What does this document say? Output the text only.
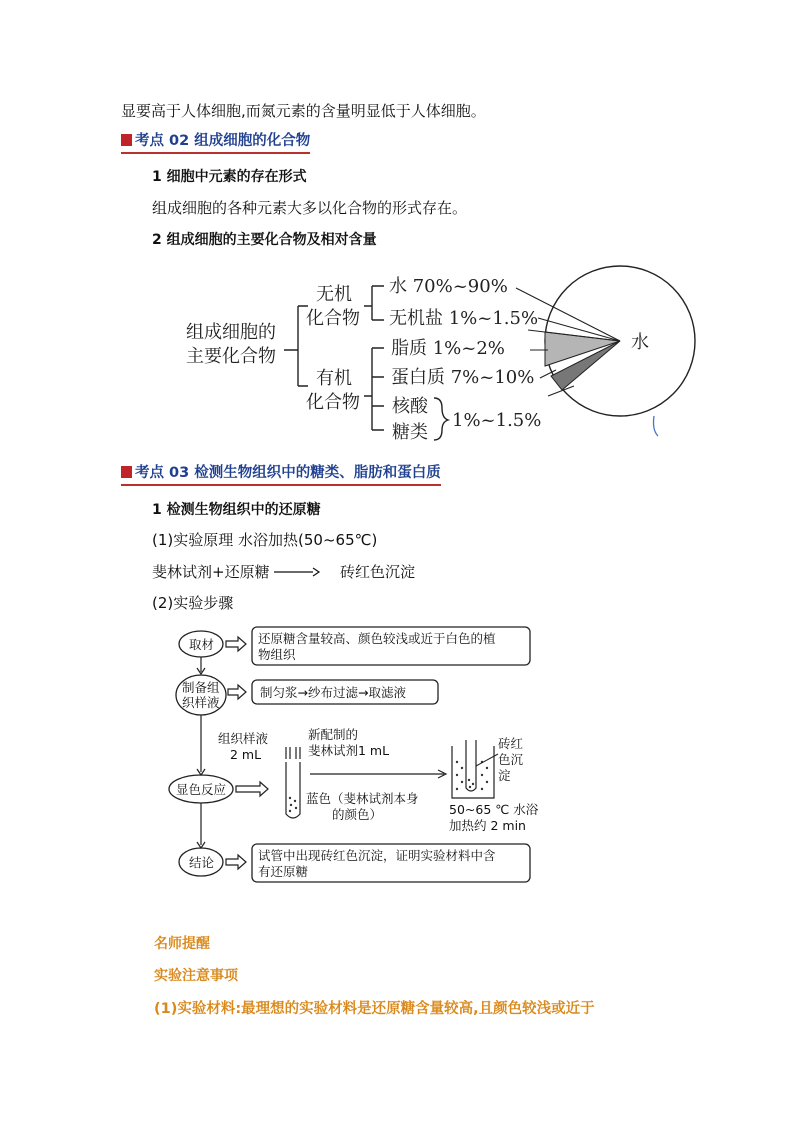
显要高于人体细胞,而氮元素的含量明显低于人体细胞。
考点 02 组成细胞的化合物
1 细胞中元素的存在形式
组成细胞的各种元素大多以化合物的形式存在。
2 组成细胞的主要化合物及相对含量
组成细胞的
主要化合物
无机
化合物
有机
化合物
水 70%~90%
无机盐 1%~1.5%
脂质 1%~2%
蛋白质 7%~10%
核酸
糖类
1%~1.5%
水
考点 03 检测生物组织中的糖类、脂肪和蛋白质
1 检测生物组织中的还原糖
(1)实验原理 水浴加热(50~65℃)
斐林试剂+还原糖 → 砖红色沉淀
(2)实验步骤
取材
制备组
织样液
显色反应
结论
还原糖含量较高、颜色较浅或近于白色的植
物组织
制匀浆→纱布过滤→取滤液
试管中出现砖红色沉淀，证明实验材料中含
有还原糖
组织样液
2 mL
新配制的
斐林试剂1 mL
蓝色（斐林试剂本身
的颜色）
砖红
色沉
淀
50~65 ℃ 水浴
加热约 2 min
名师提醒
实验注意事项
(1)实验材料:最理想的实验材料是还原糖含量较高,且颜色较浅或近于
